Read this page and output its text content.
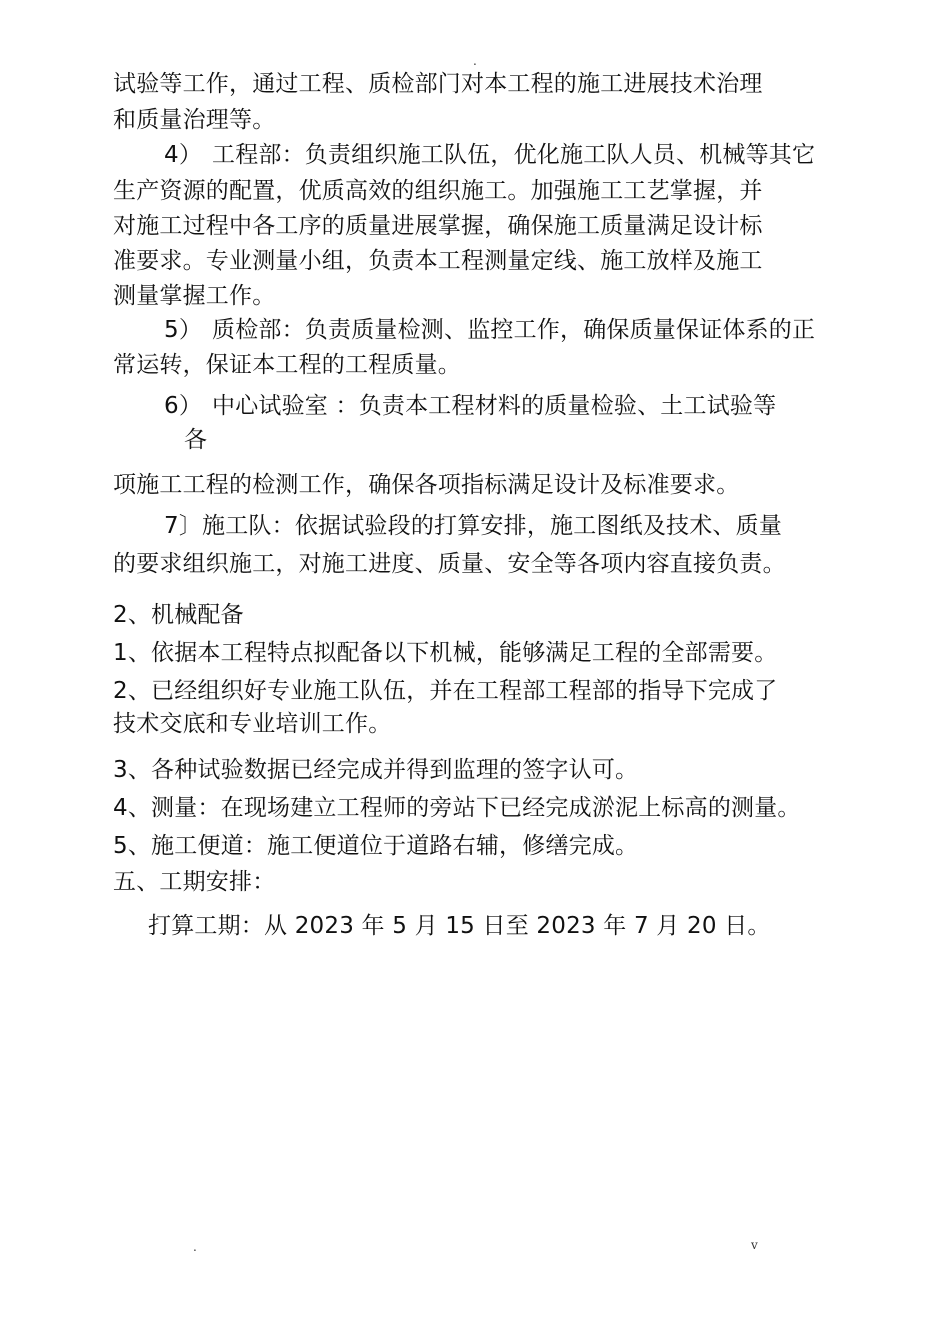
.
试验等工作，通过工程、质检部门对本工程的施工进展技术治理
和质量治理等。
4） 工程部：负责组织施工队伍，优化施工队人员、机械等其它
生产资源的配置，优质高效的组织施工。加强施工工艺掌握，并
对施工过程中各工序的质量进展掌握，确保施工质量满足设计标
准要求。专业测量小组，负责本工程测量定线、施工放样及施工
测量掌握工作。
5） 质检部：负责质量检测、监控工作，确保质量保证体系的正
常运转，保证本工程的工程质量。
6） 中心试验室 ：负责本工程材料的质量检验、土工试验等
各
项施工工程的检测工作，确保各项指标满足设计及标准要求。
7〕施工队：依据试验段的打算安排，施工图纸及技术、质量
的要求组织施工，对施工进度、质量、安全等各项内容直接负责。
2、机械配备
1、依据本工程特点拟配备以下机械，能够满足工程的全部需要。
2、已经组织好专业施工队伍，并在工程部工程部的指导下完成了
技术交底和专业培训工作。
3、各种试验数据已经完成并得到监理的签字认可。
4、测量：在现场建立工程师的旁站下已经完成淤泥上标高的测量。
5、施工便道：施工便道位于道路右辅，修缮完成。
五、工期安排：
打算工期：从 2023 年 5 月 15 日至 2023 年 7 月 20 日。
.	v
